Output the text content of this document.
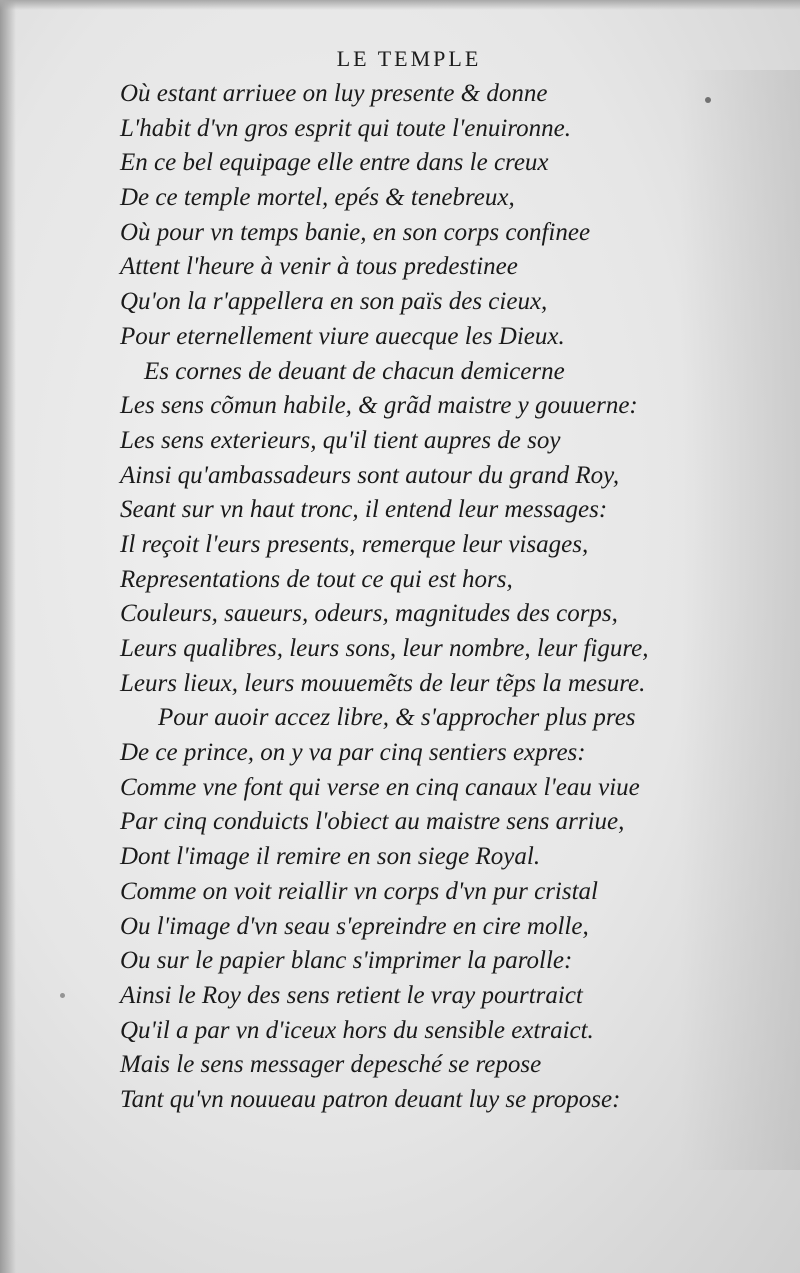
LE TEMPLE
Où estant arriuee on luy presente & donne
L'habit d'vn gros esprit qui toute l'enuironne.
En ce bel equipage elle entre dans le creux
De ce temple mortel, epés & tenebreux,
Où pour vn temps banie, en son corps confinee
Attent l'heure à venir à tous predestinee
Qu'on la r'appellera en son païs des cieux,
Pour eternellement viure auecque les Dieux.
Es cornes de deuant de chacun demicerne
Les sens cõmun habile, & grãd maistre y gouuerne:
Les sens exterieurs, qu'il tient aupres de soy
Ainsi qu'ambassadeurs sont autour du grand Roy,
Seant sur vn haut tronc, il entend leur messages:
Il reçoit l'eurs presents, remerque leur visages,
Representations de tout ce qui est hors,
Couleurs, saueurs, odeurs, magnitudes des corps,
Leurs qualibres, leurs sons, leur nombre, leur figure,
Leurs lieux, leurs mouuemẽts de leur tẽps la mesure.
Pour auoir accez libre, & s'approcher plus pres
De ce prince, on y va par cinq sentiers expres:
Comme vne font qui verse en cinq canaux l'eau viue
Par cinq conduicts l'obiect au maistre sens arriue,
Dont l'image il remire en son siege Royal.
Comme on voit reiallir vn corps d'vn pur cristal
Ou l'image d'vn seau s'epreindre en cire molle,
Ou sur le papier blanc s'imprimer la parolle:
Ainsi le Roy des sens retient le vray pourtraict
Qu'il a par vn d'iceux hors du sensible extraict.
Mais le sens messager depesché se repose
Tant qu'vn nouueau patron deuant luy se propose:
